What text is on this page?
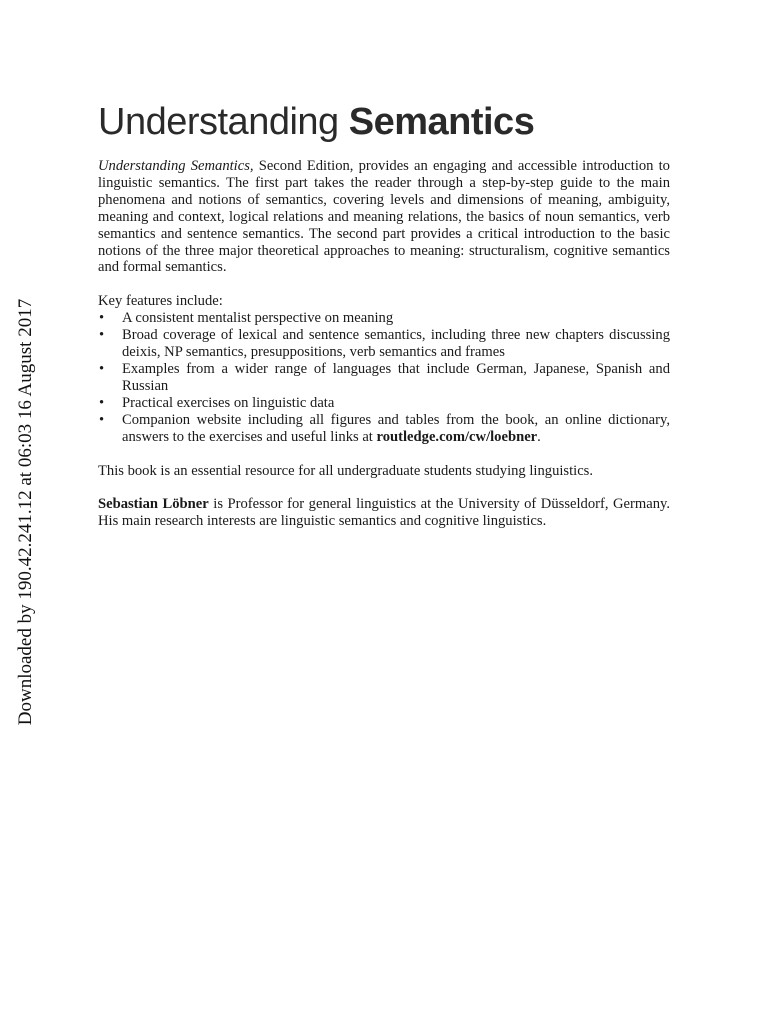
Downloaded by 190.42.241.12 at 06:03 16 August 2017
Understanding Semantics

Understanding Semantics, Second Edition, provides an engaging and accessible introduction to linguistic semantics. The first part takes the reader through a step-by-step guide to the main phenomena and notions of semantics, covering levels and dimensions of meaning, ambiguity, meaning and context, logical relations and meaning relations, the basics of noun semantics, verb semantics and sentence semantics. The second part provides a critical introduction to the basic notions of the three major theoretical approaches to meaning: structuralism, cognitive semantics and formal semantics.

Key features include:

• A consistent mentalist perspective on meaning
• Broad coverage of lexical and sentence semantics, including three new chapters discussing deixis, NP semantics, presuppositions, verb semantics and frames
• Examples from a wider range of languages that include German, Japanese, Spanish and Russian
• Practical exercises on linguistic data
• Companion website including all figures and tables from the book, an online dictionary, answers to the exercises and useful links at routledge.com/cw/loebner.

This book is an essential resource for all undergraduate students studying linguistics.

Sebastian Löbner is Professor for general linguistics at the University of Düsseldorf, Germany. His main research interests are linguistic semantics and cognitive linguistics.
